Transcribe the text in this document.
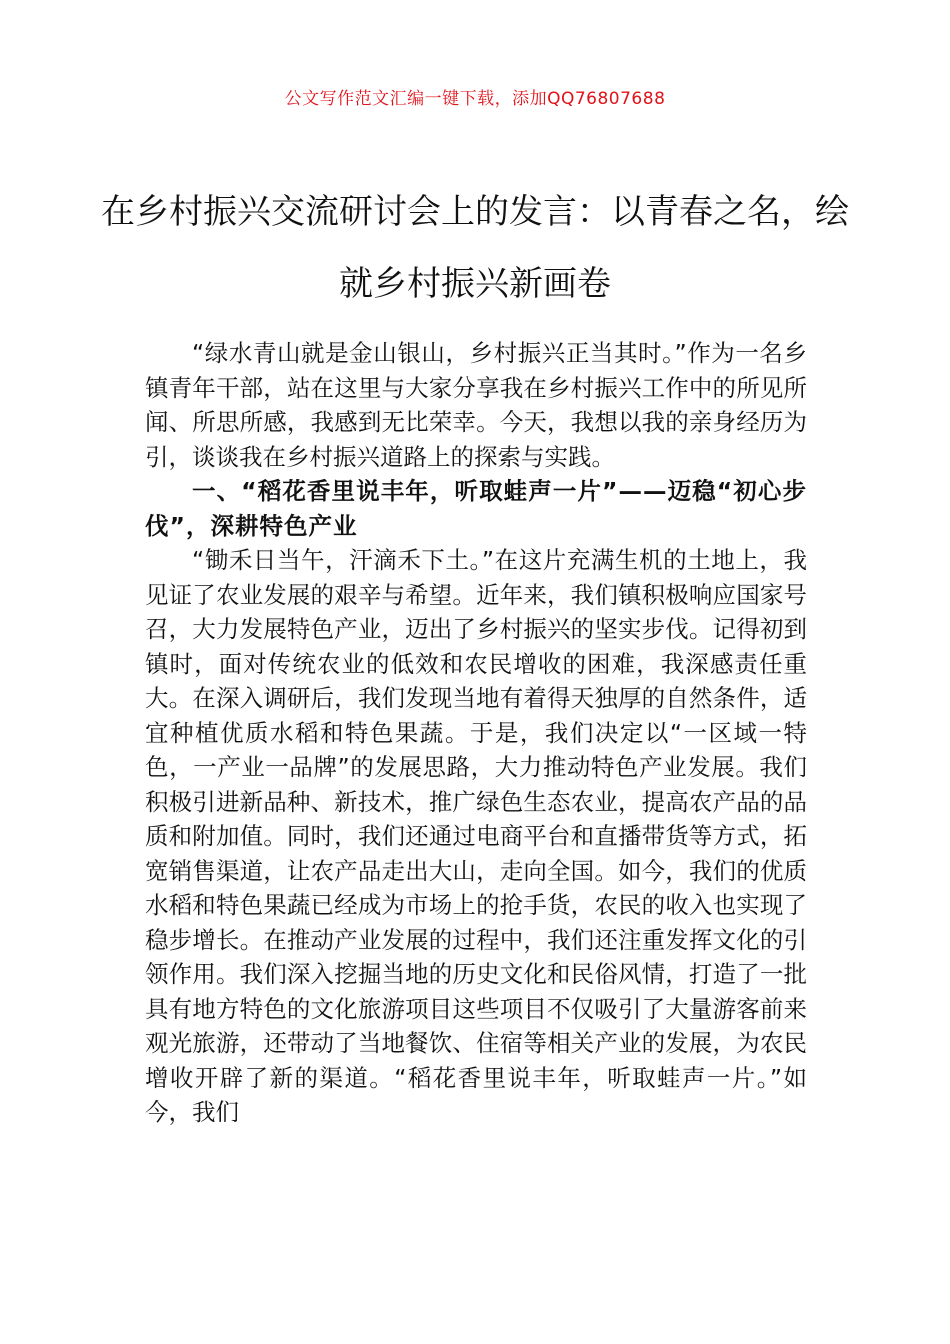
公文写作范文汇编一键下载，添加QQ76807688
在乡村振兴交流研讨会上的发言：以青春之名，绘就乡村振兴新画卷

“绿水青山就是金山银山，乡村振兴正当其时。”作为一名乡镇青年干部，站在这里与大家分享我在乡村振兴工作中的所见所闻、所思所感，我感到无比荣幸。今天，我想以我的亲身经历为引，谈谈我在乡村振兴道路上的探索与实践。

一、“稻花香里说丰年，听取蛙声一片”——迈稳“初心步伐”，深耕特色产业

“锄禾日当午，汗滴禾下土。”在这片充满生机的土地上，我见证了农业发展的艰辛与希望。近年来，我们镇积极响应国家号召，大力发展特色产业，迈出了乡村振兴的坚实步伐。记得初到镇时，面对传统农业的低效和农民增收的困难，我深感责任重大。在深入调研后，我们发现当地有着得天独厚的自然条件，适宜种植优质水稻和特色果蔬。于是，我们决定以“一区域一特色，一产业一品牌”的发展思路，大力推动特色产业发展。我们积极引进新品种、新技术，推广绿色生态农业，提高农产品的品质和附加值。同时，我们还通过电商平台和直播带货等方式，拓宽销售渠道，让农产品走出大山，走向全国。如今，我们的优质水稻和特色果蔬已经成为市场上的抢手货，农民的收入也实现了稳步增长。在推动产业发展的过程中，我们还注重发挥文化的引领作用。我们深入挖掘当地的历史文化和民俗风情，打造了一批具有地方特色的文化旅游项目这些项目不仅吸引了大量游客前来观光旅游，还带动了当地餐饮、住宿等相关产业的发展，为农民增收开辟了新的渠道。“稻花香里说丰年，听取蛙声一片。”如今，我们
